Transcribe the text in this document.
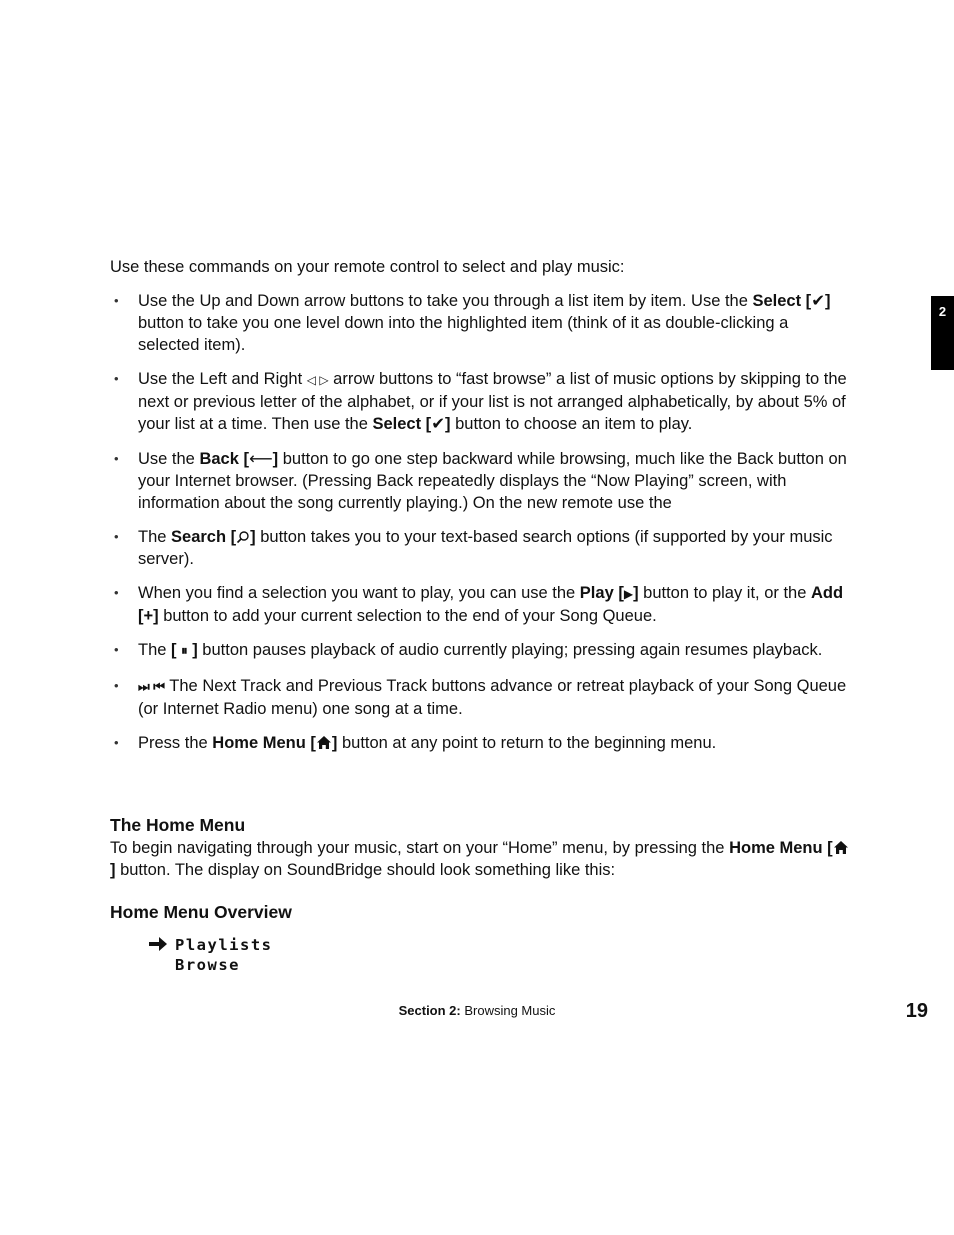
2
Use these commands on your remote control to select and play music:
• Use the Up and Down arrow buttons to take you through a list item by item. Use the Select [✔] button to take you one level down into the highlighted item (think of it as double-clicking a selected item).
• Use the Left and Right ◁ ▷ arrow buttons to “fast browse” a list of music options by skipping to the next or previous letter of the alphabet, or if your list is not arranged alphabetically, by about 5% of your list at a time. Then use the Select [✔] button to choose an item to play.
• Use the Back [⟵] button to go one step backward while browsing, much like the Back button on your Internet browser. (Pressing Back repeatedly displays the “Now Playing” screen, with information about the song currently playing.) On the new remote use the
• The Search [ ] button takes you to your text-based search options (if supported by your music server).
• When you find a selection you want to play, you can use the Play [▶] button to play it, or the Add [+] button to add your current selection to the end of your Song Queue.
• The [ ⏸ ] button pauses playback of audio currently playing; pressing again resumes playback.
• ⏭ ⏮ The Next Track and Previous Track buttons advance or retreat playback of your Song Queue (or Internet Radio menu) one song at a time.
• Press the Home Menu [ ] button at any point to return to the beginning menu.
The Home Menu
To begin navigating through your music, start on your “Home” menu, by pressing the Home Menu [] button. The display on SoundBridge should look something like this:
Home Menu Overview
Playlists
Browse
Section 2: Browsing Music	19
